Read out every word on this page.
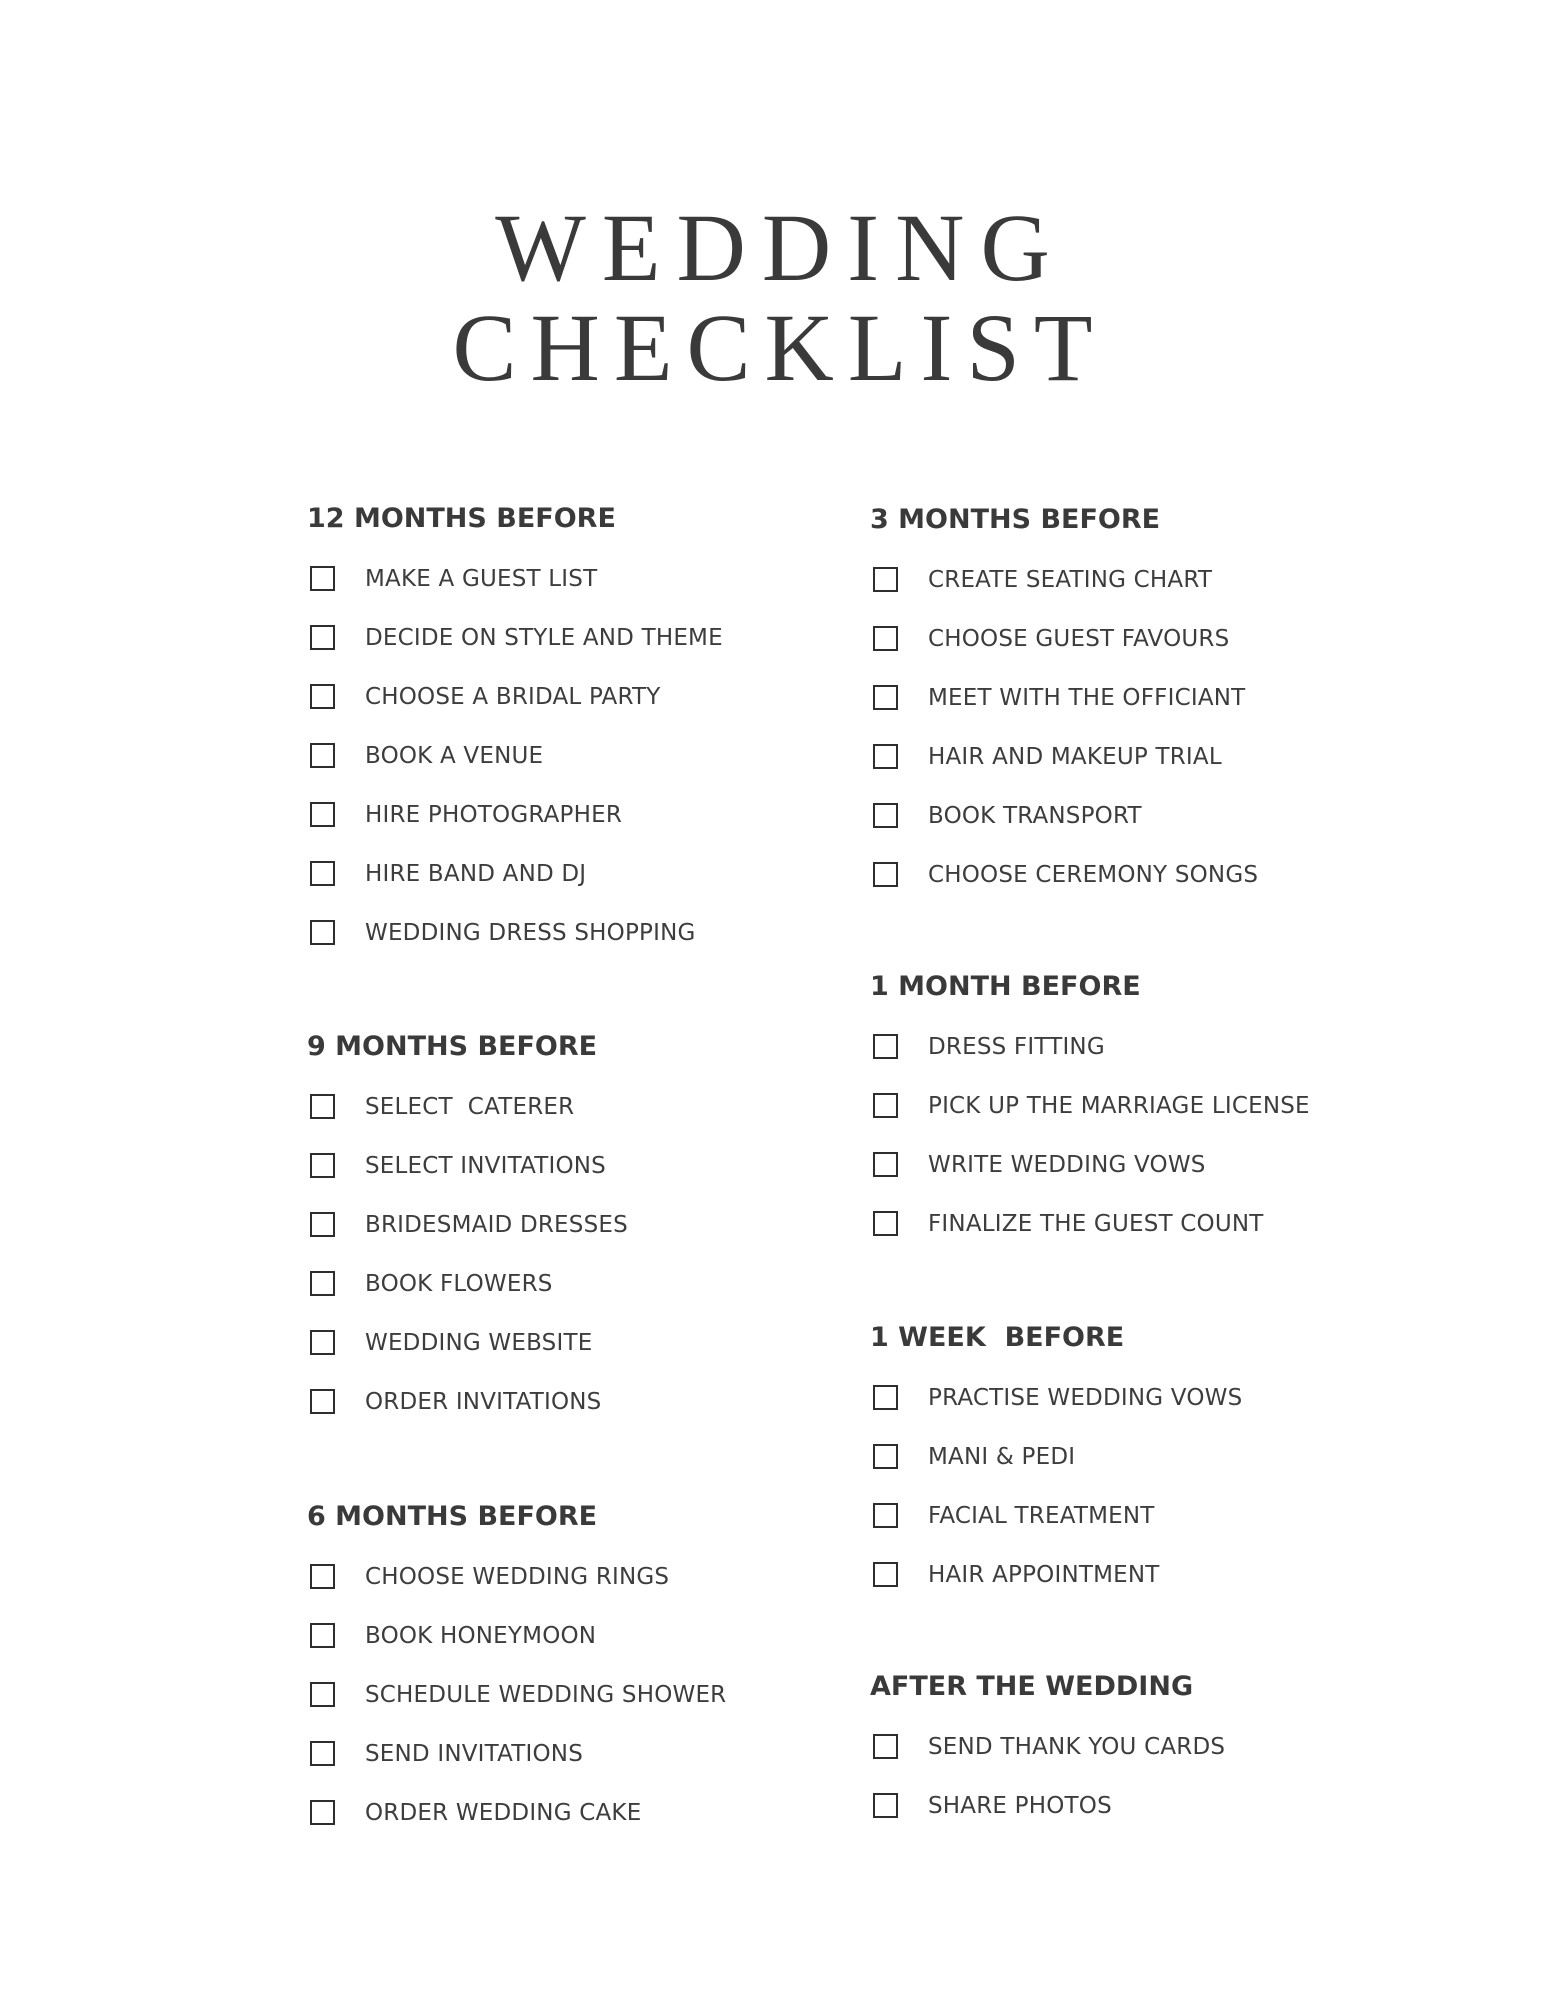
WEDDING
CHECKLIST
12 MONTHS BEFORE
MAKE A GUEST LIST
DECIDE ON STYLE AND THEME
CHOOSE A BRIDAL PARTY
BOOK A VENUE
HIRE PHOTOGRAPHER
HIRE BAND AND DJ
WEDDING DRESS SHOPPING
9 MONTHS BEFORE
SELECT  CATERER
SELECT INVITATIONS
BRIDESMAID DRESSES
BOOK FLOWERS
WEDDING WEBSITE
ORDER INVITATIONS
6 MONTHS BEFORE
CHOOSE WEDDING RINGS
BOOK HONEYMOON
SCHEDULE WEDDING SHOWER
SEND INVITATIONS
ORDER WEDDING CAKE
3 MONTHS BEFORE
CREATE SEATING CHART
CHOOSE GUEST FAVOURS
MEET WITH THE OFFICIANT
HAIR AND MAKEUP TRIAL
BOOK TRANSPORT
CHOOSE CEREMONY SONGS
1 MONTH BEFORE
DRESS FITTING
PICK UP THE MARRIAGE LICENSE
WRITE WEDDING VOWS
FINALIZE THE GUEST COUNT
1 WEEK  BEFORE
PRACTISE WEDDING VOWS
MANI & PEDI
FACIAL TREATMENT
HAIR APPOINTMENT
AFTER THE WEDDING
SEND THANK YOU CARDS
SHARE PHOTOS
